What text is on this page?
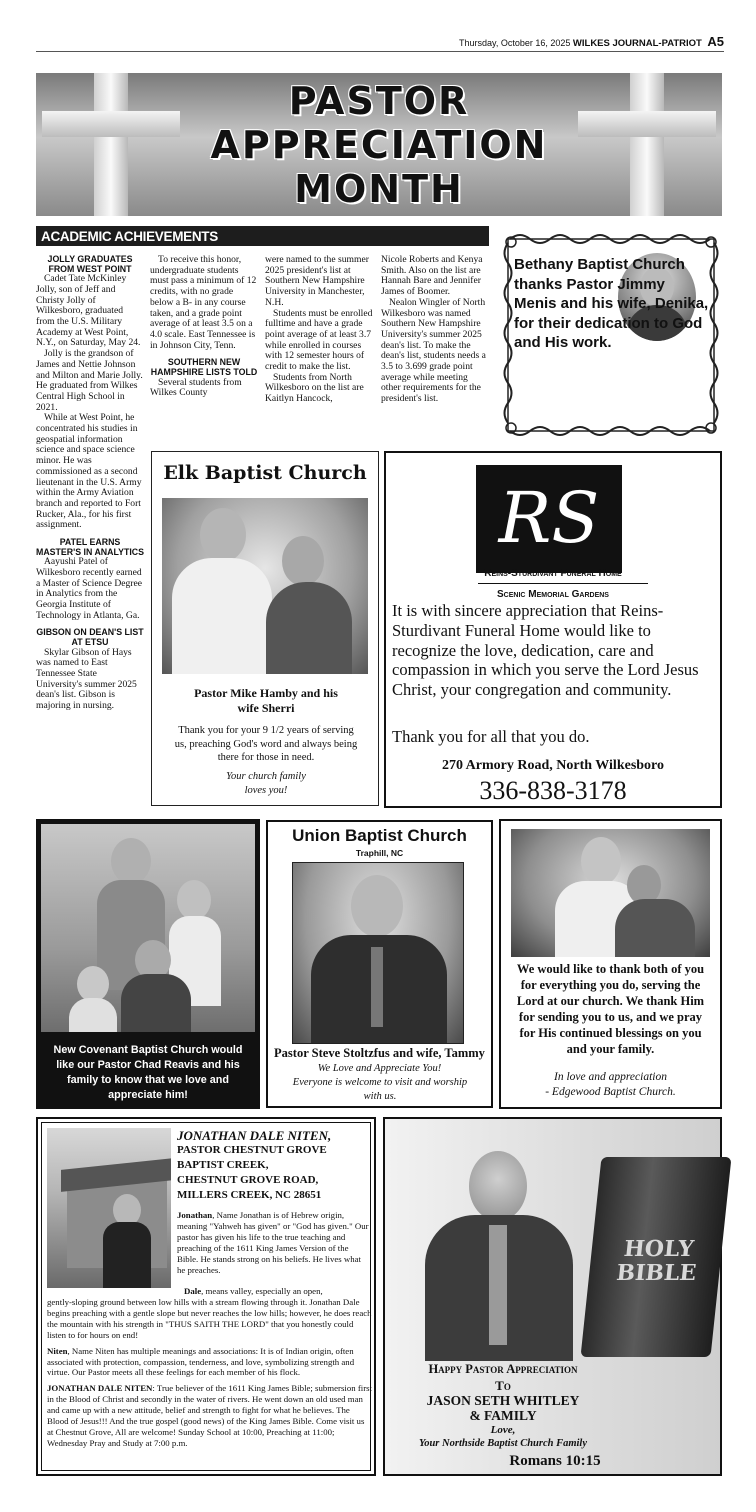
Thursday, October 16, 2025 WILKES JOURNAL-PATRIOT A5
PASTOR
APPRECIATION
MONTH
ACADEMIC ACHIEVEMENTS

JOLLY GRADUATES FROM WEST POINT

Cadet Tate McKinley Jolly, son of Jeff and Christy Jolly of Wilkesboro, graduated from the U.S. Military Academy at West Point, N.Y., on Saturday, May 24.

Jolly is the grandson of James and Nettie Johnson and Milton and Marie Jolly. He graduated from Wilkes Central High School in 2021.

While at West Point, he concentrated his studies in geospatial information science and space science minor. He was commissioned as a second lieutenant in the U.S. Army within the Army Aviation branch and reported to Fort Rucker, Ala., for his first assignment.

PATEL EARNS MASTER'S IN ANALYTICS

Aayushi Patel of Wilkesboro recently earned a Master of Science Degree in Analytics from the Georgia Institute of Technology in Atlanta, Ga.

GIBSON ON DEAN'S LIST AT ETSU

Skylar Gibson of Hays was named to East Tennessee State University's summer 2025 dean's list. Gibson is majoring in nursing.

To receive this honor, undergraduate students must pass a minimum of 12 credits, with no grade below a B- in any course taken, and a grade point average of at least 3.5 on a 4.0 scale. East Tennessee is in Johnson City, Tenn.

SOUTHERN NEW HAMPSHIRE LISTS TOLD

Several students from Wilkes County

were named to the summer 2025 president's list at Southern New Hampshire University in Manchester, N.H.

Students must be enrolled fulltime and have a grade point average of at least 3.7 while enrolled in courses with 12 semester hours of credit to make the list.

Students from North Wilkesboro on the list are Kaitlyn Hancock,

Nicole Roberts and Kenya Smith. Also on the list are Hannah Bare and Jennifer James of Boomer.

Nealon Wingler of North Wilkesboro was named Southern New Hampshire University's summer 2025 dean's list. To make the dean's list, students needs a 3.5 to 3.699 grade point average while meeting other requirements for the president's list.

Bethany Baptist Church thanks Pastor Jimmy Menis and his wife, Denika, for their dedication to God and His work.
Elk Baptist Church
Pastor Mike Hamby and his wife Sherri
Thank you for your 9 1/2 years of serving us, preaching God's word and always being there for those in need.
Your church family loves you!
RS
Reins-Sturdivant Funeral Home
Scenic Memorial Gardens
It is with sincere appreciation that Reins-Sturdivant Funeral Home would like to recognize the love, dedication, care and compassion in which you serve the Lord Jesus Christ, your congregation and community.
Thank you for all that you do.
270 Armory Road, North Wilkesboro
336-838-3178
New Covenant Baptist Church would like our Pastor Chad Reavis and his family to know that we love and appreciate him!
Union Baptist Church
Traphill, NC
Pastor Steve Stoltzfus and wife, Tammy
We Love and Appreciate You!
Everyone is welcome to visit and worship with us.
We would like to thank both of you for everything you do, serving the Lord at our church. We thank Him for sending you to us, and we pray for His continued blessings on you and your family.
In love and appreciation
- Edgewood Baptist Church.
JONATHAN DALE NITEN,
PASTOR CHESTNUT GROVE
BAPTIST CREEK,
CHESTNUT GROVE ROAD,
MILLERS CREEK, NC 28651
Jonathan, Name Jonathan is of Hebrew origin, meaning "Yahweh has given" or "God has given." Our pastor has given his life to the true teaching and preaching of the 1611 King James Version of the Bible. He stands strong on his beliefs. He lives what he preaches.
Dale, means valley, especially an open,
gently-sloping ground between low hills with a stream flowing through it. Jonathan Dale begins preaching with a gentle slope but never reaches the low hills; however, he does reach the mountain with his strength in "THUS SAITH THE LORD" that you honestly could listen to for hours on end!
Niten, Name Niten has multiple meanings and associations: It is of Indian origin, often associated with protection, compassion, tenderness, and love, symbolizing strength and virtue. Our Pastor meets all these feelings for each member of his flock.
JONATHAN DALE NITEN: True believer of the 1611 King James Bible; submersion first in the Blood of Christ and secondly in the water of rivers. He went down an old used man and came up with a new attitude, belief and strength to fight for what he believes. The Blood of Jesus!!! And the true gospel (good news) of the King James Bible. Come visit us at Chestnut Grove, All are welcome! Sunday School at 10:00, Preaching at 11:00; Wednesday Pray and Study at 7:00 p.m.
HOLY BIBLE
Happy Pastor Appreciation
To
JASON SETH WHITLEY
& FAMILY
Love,
Your Northside Baptist Church Family
Romans 10:15
